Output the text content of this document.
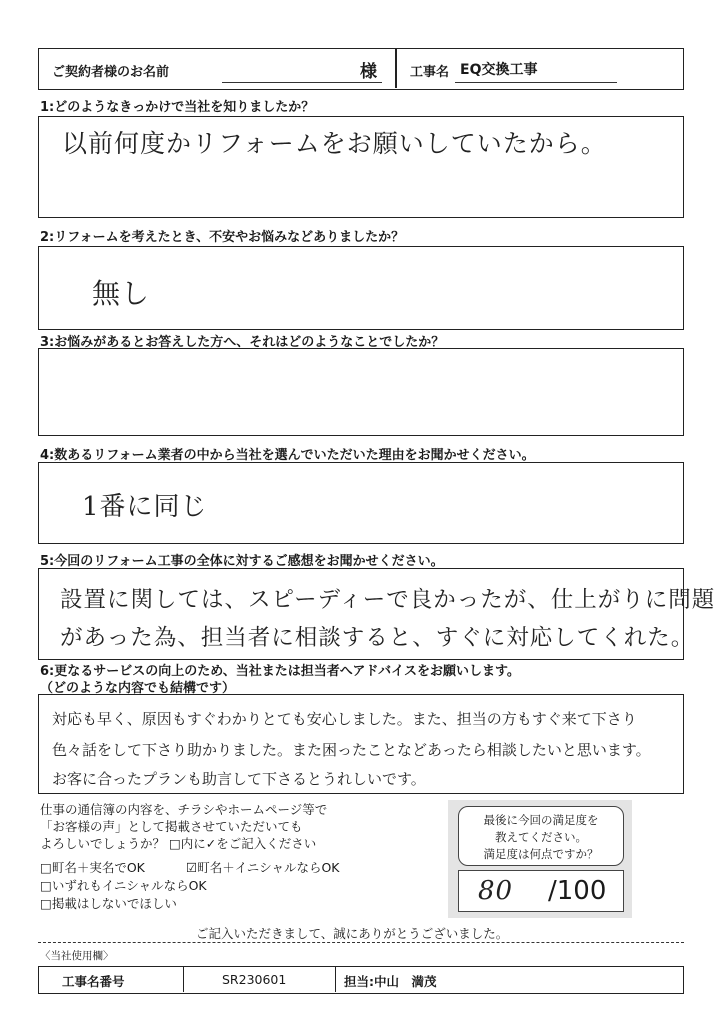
ご契約者様のお名前	様	工事名 EQ交換工事
1:どのようなきっかけで当社を知りましたか？
以前何度かリフォームをお願いしていたから。
2:リフォームを考えたとき、不安やお悩みなどありましたか？
無し
3:お悩みがあるとお答えした方へ、それはどのようなことでしたか？
4:数あるリフォーム業者の中から当社を選んでいただいた理由をお聞かせください。
1番に同じ
5:今回のリフォーム工事の全体に対するご感想をお聞かせください。
設置に関しては、スピーディーで良かったが、仕上がりに問題
があった為、担当者に相談すると、すぐに対応してくれた。
6:更なるサービスの向上のため、当社または担当者へアドバイスをお願いします。
（どのような内容でも結構です）
対応も早く、原因もすぐわかりとても安心しました。また、担当の方もすぐ来て下さり
色々話をして下さり助かりました。また困ったことなどあったら相談したいと思います。
お客に合ったプランも助言して下さるとうれしいです。
仕事の通信簿の内容を、チラシやホームページ等で
「お客様の声」として掲載させていただいても
よろしいでしょうか？ □内に✓をご記入ください
□町名＋実名でOK	☑町名＋イニシャルならOK
□いずれもイニシャルならOK
□掲載はしないでほしい
最後に今回の満足度を
教えてください。
満足度は何点ですか？
80 /100
ご記入いただきまして、誠にありがとうございました。
〈当社使用欄〉
工事名番号	SR230601	担当:中山　満茂
